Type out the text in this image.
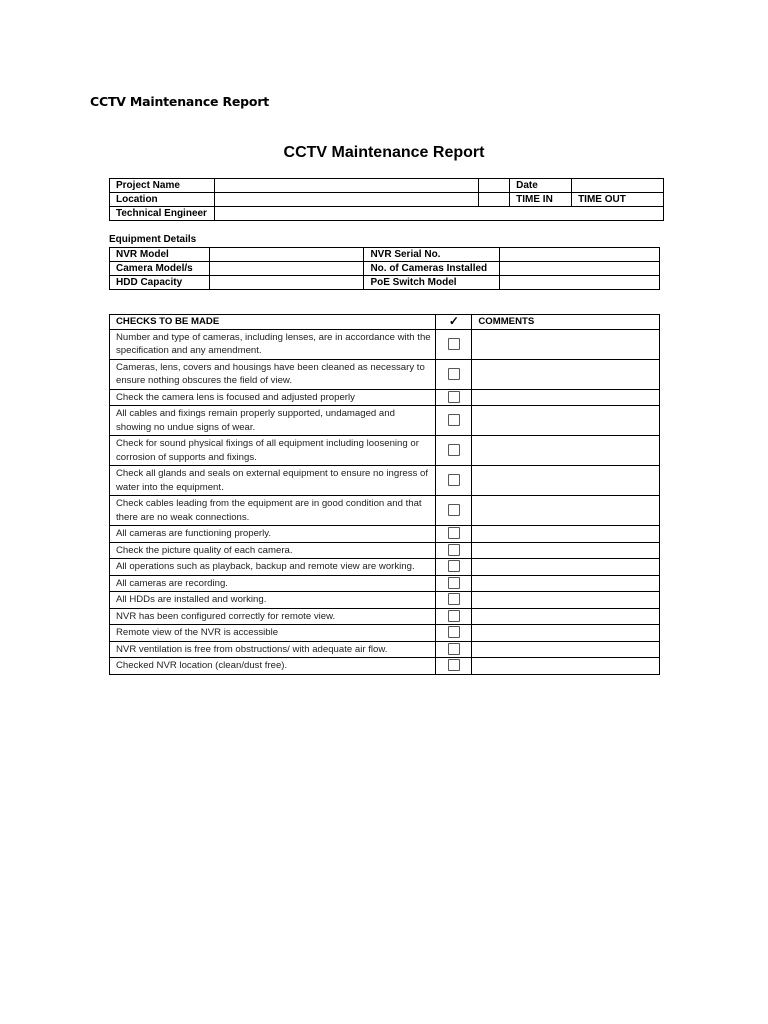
CCTV Maintenance Report
CCTV Maintenance Report
Project Name			Date	
Location			TIME IN	TIME OUT
Technical Engineer				
Equipment Details
NVR Model		NVR Serial No.	
Camera Model/s		No. of Cameras Installed	
HDD Capacity		PoE Switch Model	
CHECKS TO BE MADE	✓	COMMENTS
Number and type of cameras, including lenses, are in accordance with the specification and any amendment.		
Cameras, lens, covers and housings have been cleaned as necessary to ensure nothing obscures the field of view.		
Check the camera lens is focused and adjusted properly		
All cables and fixings remain properly supported, undamaged and showing no undue signs of wear.		
Check for sound physical fixings of all equipment including loosening or corrosion of supports and fixings.		
Check all glands and seals on external equipment to ensure no ingress of water into the equipment.		
Check cables leading from the equipment are in good condition and that there are no weak connections.		
All cameras are functioning properly.		
Check the picture quality of each camera.		
All operations such as playback, backup and remote view are working.		
All cameras are recording.		
All HDDs are installed and working.		
NVR has been configured correctly for remote view.		
Remote view of the NVR is accessible		
NVR ventilation is free from obstructions/ with adequate air flow.		
Checked NVR location (clean/dust free).		
